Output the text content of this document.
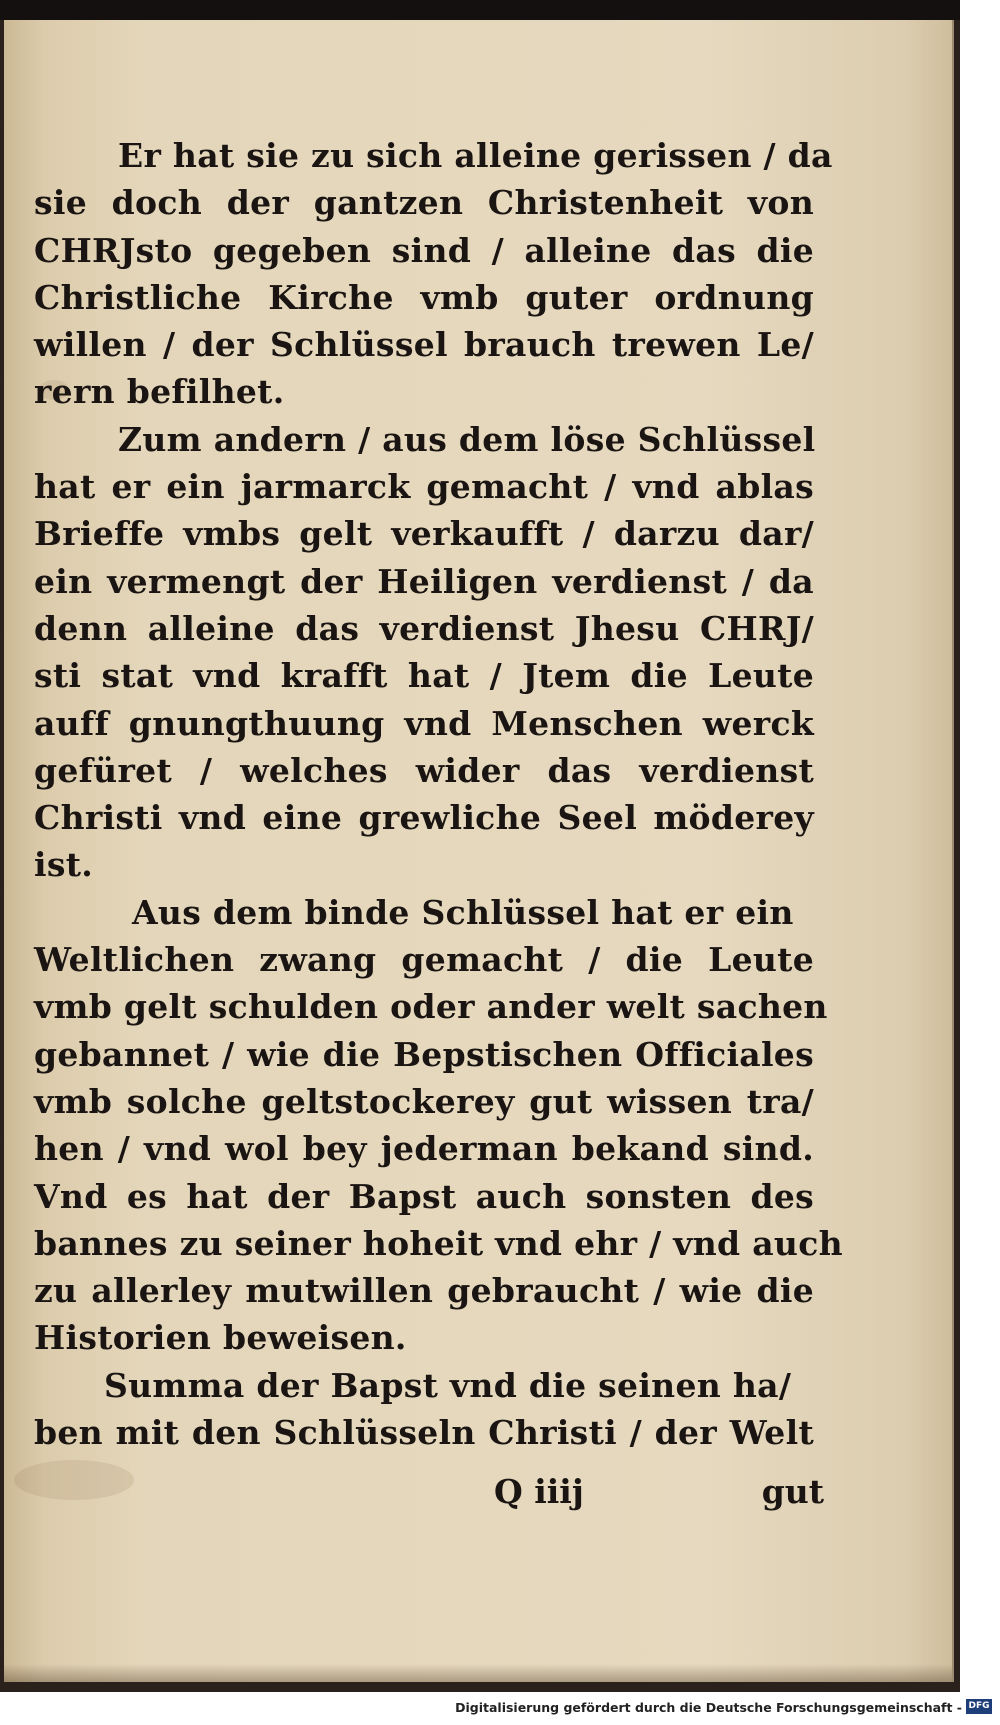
Er hat sie zu sich alleine gerissen / da
sie doch der gantzen Christenheit von
CHRJsto gegeben sind / alleine das die
Christliche Kirche vmb guter ordnung
willen / der Schlüssel brauch trewen Le/
rern befilhet.
Zum andern / aus dem löse Schlüssel
hat er ein jarmarck gemacht / vnd ablas
Brieffe vmbs gelt verkaufft / darzu dar/
ein vermengt der Heiligen verdienst / da
denn alleine das verdienst Jhesu CHRJ/
sti stat vnd krafft hat / Jtem die Leute
auff gnungthuung vnd Menschen werck
gefüret / welches wider das verdienst
Christi vnd eine grewliche Seel möderey
ist.
Aus dem binde Schlüssel hat er ein
Weltlichen zwang gemacht / die Leute
vmb gelt schulden oder ander welt sachen
gebannet / wie die Bepstischen Officiales
vmb solche geltstockerey gut wissen tra/
hen / vnd wol bey jederman bekand sind.
Vnd es hat der Bapst auch sonsten des
bannes zu seiner hoheit vnd ehr / vnd auch
zu allerley mutwillen gebraucht / wie die
Historien beweisen.
Summa der Bapst vnd die seinen ha/
ben mit den Schlüsseln Christi / der Welt
Q iiij	gut
Digitalisierung gefördert durch die Deutsche Forschungsgemeinschaft - DFG
